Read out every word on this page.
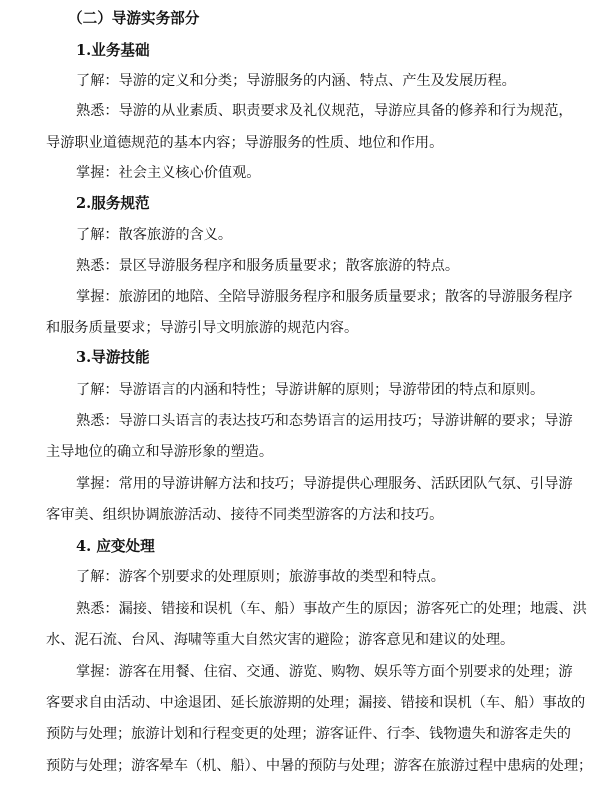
（二）导游实务部分
1.业务基础
了解：导游的定义和分类；导游服务的内涵、特点、产生及发展历程。
熟悉：导游的从业素质、职责要求及礼仪规范，导游应具备的修养和行为规范，
导游职业道德规范的基本内容；导游服务的性质、地位和作用。
掌握：社会主义核心价值观。
2.服务规范
了解：散客旅游的含义。
熟悉：景区导游服务程序和服务质量要求；散客旅游的特点。
掌握：旅游团的地陪、全陪导游服务程序和服务质量要求；散客的导游服务程序
和服务质量要求；导游引导文明旅游的规范内容。
3.导游技能
了解：导游语言的内涵和特性；导游讲解的原则；导游带团的特点和原则。
熟悉：导游口头语言的表达技巧和态势语言的运用技巧；导游讲解的要求；导游
主导地位的确立和导游形象的塑造。
掌握：常用的导游讲解方法和技巧；导游提供心理服务、活跃团队气氛、引导游
客审美、组织协调旅游活动、接待不同类型游客的方法和技巧。
4. 应变处理
了解：游客个别要求的处理原则；旅游事故的类型和特点。
熟悉：漏接、错接和误机（车、船）事故产生的原因；游客死亡的处理；地震、洪
水、泥石流、台风、海啸等重大自然灾害的避险；游客意见和建议的处理。
掌握：游客在用餐、住宿、交通、游览、购物、娱乐等方面个别要求的处理；游
客要求自由活动、中途退团、延长旅游期的处理；漏接、错接和误机（车、船）事故的
预防与处理；旅游计划和行程变更的处理；游客证件、行李、钱物遗失和游客走失的
预防与处理；游客晕车（机、船）、中暑的预防与处理；游客在旅游过程中患病的处理；
